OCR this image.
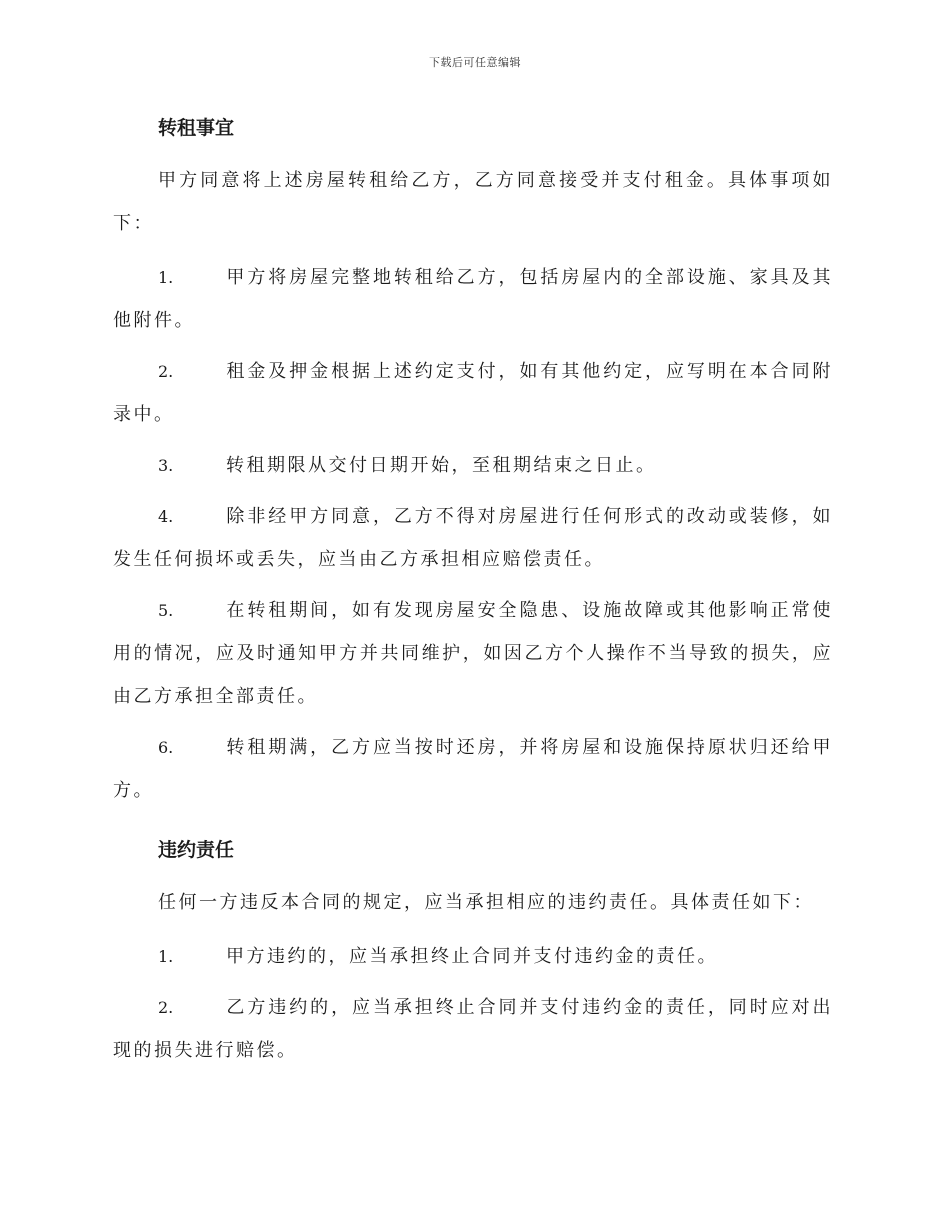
下载后可任意编辑
转租事宜

甲方同意将上述房屋转租给乙方，乙方同意接受并支付租金。具体事项如下：

1.	甲方将房屋完整地转租给乙方，包括房屋内的全部设施、家具及其他附件。

2.	租金及押金根据上述约定支付，如有其他约定，应写明在本合同附录中。

3.	转租期限从交付日期开始，至租期结束之日止。

4.	除非经甲方同意，乙方不得对房屋进行任何形式的改动或装修，如发生任何损坏或丢失，应当由乙方承担相应赔偿责任。

5.	在转租期间，如有发现房屋安全隐患、设施故障或其他影响正常使用的情况，应及时通知甲方并共同维护，如因乙方个人操作不当导致的损失，应由乙方承担全部责任。

6.	转租期满，乙方应当按时还房，并将房屋和设施保持原状归还给甲方。

违约责任

任何一方违反本合同的规定，应当承担相应的违约责任。具体责任如下：

1.	甲方违约的，应当承担终止合同并支付违约金的责任。

2.	乙方违约的，应当承担终止合同并支付违约金的责任，同时应对出现的损失进行赔偿。
